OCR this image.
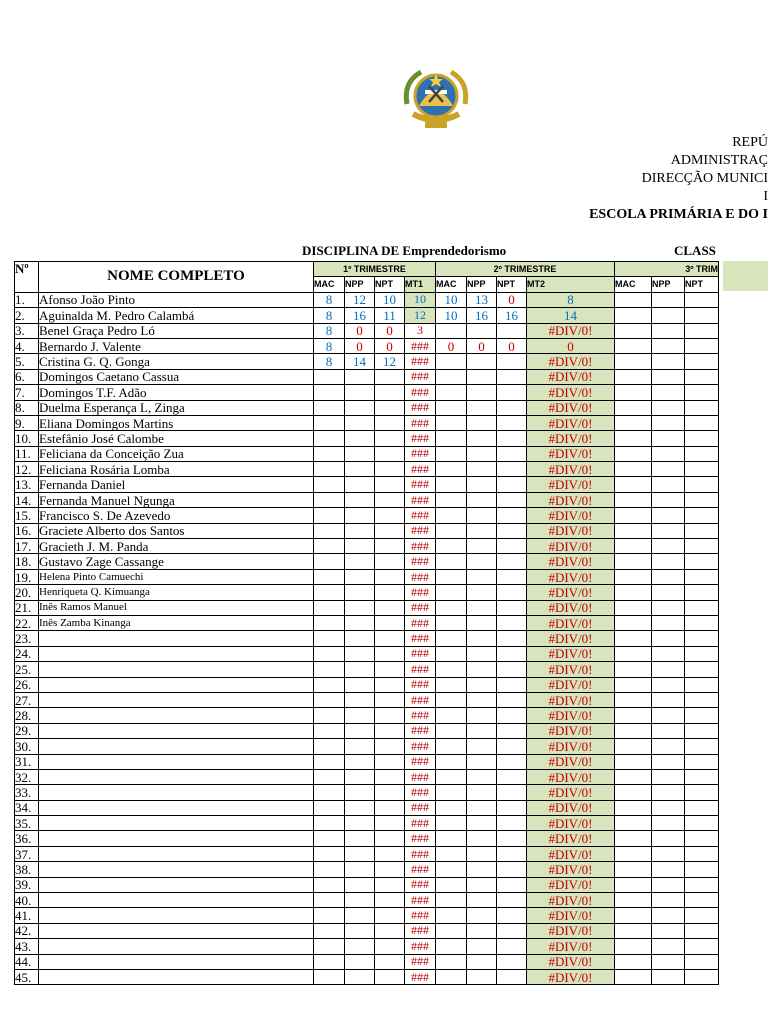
REPÚ
ADMINISTRAÇ
DIRECÇÃO MUNICI
I
ESCOLA PRIMÁRIA E DO I
DISCIPLINA DE Emprendedorismo	CLASS
Nº	NOME COMPLETO	1º TRIMESTRE				2º TRIMESTRE				3º TRIM		
		MAC	NPP	NPT	MT1	MAC	NPP	NPT	MT2	MAC	NPP	NPT
1.	Afonso João Pinto	8	12	10	10	10	13	0	8			
2.	Aguinalda M. Pedro Calambá	8	16	11	12	10	16	16	14			
3.	Benel Graça Pedro Ló	8	0	0	3				#DIV/0!			
4.	Bernardo J. Valente	8	0	0	###	0	0	0	0			
5.	Cristina G. Q. Gonga	8	14	12	###				#DIV/0!			
6.	Domingos Caetano Cassua				###				#DIV/0!			
7.	Domingos T.F. Adão				###				#DIV/0!			
8.	Duelma Esperança L, Zinga				###				#DIV/0!			
9.	Eliana Domingos Martins				###				#DIV/0!			
10.	Estefânio José Calombe				###				#DIV/0!			
11.	Feliciana da Conceição Zua				###				#DIV/0!			
12.	Feliciana Rosária Lomba				###				#DIV/0!			
13.	Fernanda Daniel				###				#DIV/0!			
14.	Fernanda Manuel Ngunga				###				#DIV/0!			
15.	Francisco S. De Azevedo				###				#DIV/0!			
16.	Graciete Alberto dos Santos				###				#DIV/0!			
17.	Gracieth J. M. Panda				###				#DIV/0!			
18.	Gustavo Zage Cassange				###				#DIV/0!			
19.	Helena Pinto Camuechi				###				#DIV/0!			
20.	Henriqueta Q. Kimuanga				###				#DIV/0!			
21.	Inês Ramos Manuel				###				#DIV/0!			
22.	Inês Zamba Kinanga				###				#DIV/0!			
23.					###				#DIV/0!			
24.					###				#DIV/0!			
25.					###				#DIV/0!			
26.					###				#DIV/0!			
27.					###				#DIV/0!			
28.					###				#DIV/0!			
29.					###				#DIV/0!			
30.					###				#DIV/0!			
31.					###				#DIV/0!			
32.					###				#DIV/0!			
33.					###				#DIV/0!			
34.					###				#DIV/0!			
35.					###				#DIV/0!			
36.					###				#DIV/0!			
37.					###				#DIV/0!			
38.					###				#DIV/0!			
39.					###				#DIV/0!			
40.					###				#DIV/0!			
41.					###				#DIV/0!			
42.					###				#DIV/0!			
43.					###				#DIV/0!			
44.					###				#DIV/0!			
45.					###				#DIV/0!			
